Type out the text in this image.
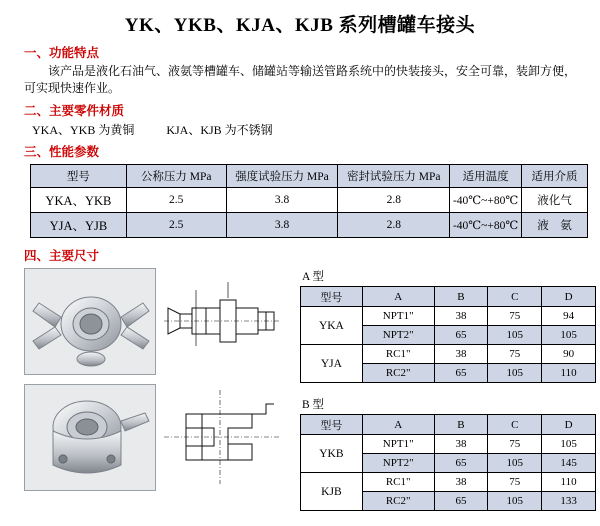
YK、YKB、KJA、KJB 系列槽罐车接头
一、功能特点
该产品是液化石油气、液氨等槽罐车、储罐站等输送管路系统中的快装接头，安全可靠，装卸方便，可实现快速作业。
二、主要零件材质
YKA、YKB 为黄铜	KJA、KJB 为不锈钢
三、性能参数
型号	公称压力 MPa	强度试验压力 MPa	密封试验压力 MPa	适用温度	适用介质
YKA、YKB	2.5	3.8	2.8	-40℃~+80℃	液化气
YJA、YJB	2.5	3.8	2.8	-40℃~+80℃	液　氨
四、主要尺寸
A 型
型号	A	B	C	D
YKA	NPT1"	38	75	94
	NPT2"	65	105	105
YJA	RC1"	38	75	90
	RC2"	65	105	110
B 型
型号	A	B	C	D
YKB	NPT1"	38	75	105
	NPT2"	65	105	145
KJB	RC1"	38	75	110
	RC2"	65	105	133
